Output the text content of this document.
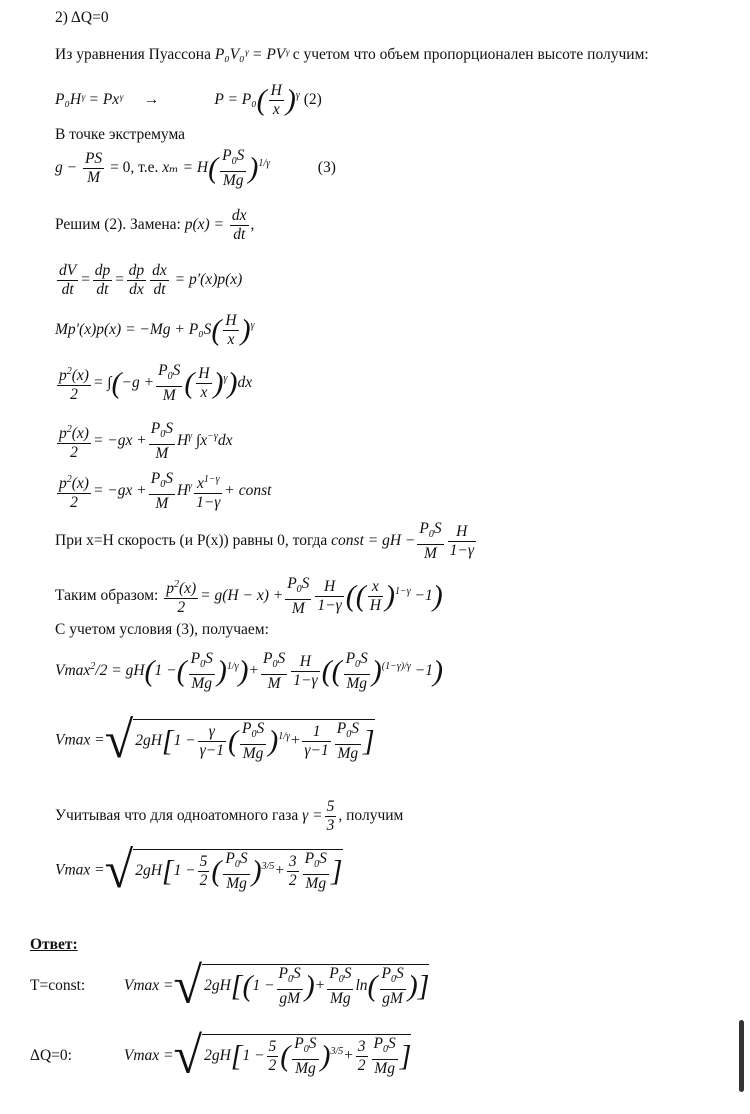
2) ΔQ=0
Из уравнения Пуассона P₀V₀ᵞ = PVᵞ с учетом что объем пропорционален высоте получим:
P₀Hᵞ = Pxᵞ →	$P = P_0( \frac{H}{x} )^\gamma$ (2)
В точке экстремума
$g - \frac{PS}{M} = 0$, т.е. $x_m = H( \frac{P_0S}{Mg} )^{1/\gamma}$	(3)
Решим (2). Замена: $p(x) = \frac{dx}{dt}$ ,
$\frac{dV}{dt} = \frac{dp}{dt} = \frac{dp}{dx} \frac{dx}{dt} = p'(x)p(x)$
$Mp'(x)p(x) = -Mg + P_0S( \frac{H}{x} )^\gamma$
$\frac{p^2(x)}{2} = \int(-g + \frac{P_0S}{M}$ ( $\frac{H}{x} )^\gamma)dx$
$\frac{p^2(x)}{2} = -gx + \frac{P_0S}{M} H^\gamma$ $\int x^{-\gamma}dx$
$\frac{p^2(x)}{2} = -gx + \frac{P_0S}{M} H^\gamma \frac{x^{1-\gamma}}{1-\gamma}$ + const
При x=H скорость (и P(x)) равны 0, тогда const = gH − $\frac{P_0S}{M} \frac{H}{1-\gamma}$
Таким образом: $\frac{p^2(x)}{2} = g(H - x) + \frac{P_0S}{M} \frac{H}{1-\gamma}$ (( $\frac{x}{H} )^{1-\gamma} -1$)
С учетом условия (3), получаем:
Vmax$^2$/2 = gH(1 −( $\frac{P_0S}{Mg} )^{1/\gamma})+ \frac{P_0S}{M} \frac{H}{1-\gamma}$ (( $\frac{P_0S}{Mg} )^{(1-\gamma)/\gamma} -1$)
Vmax =√ $2gH[1 - \frac{\gamma}{\gamma-1}$ ( $\frac{P_0S}{Mg} )^{1/\gamma}+ \frac{1}{\gamma-1} \frac{P_0S}{Mg}$ ]
Учитывая что для одноатомного газа $\gamma = \frac{5}{3}$ , получим
Vmax =√ $2gH[1 - \frac{5}{2}$ ( $\frac{P_0S}{Mg} )^{3/5}+ \frac{3}{2} \frac{P_0S}{Mg}$ ]
Ответ:
T=const: Vmax =√ $2gH[(1 - \frac{P_0S}{gM}$ )+ $\frac{P_0S}{Mg} \ln( \frac{P_0S}{gM}$ )]
ΔQ=0:	Vmax =√ $2gH[1 - \frac{5}{2}$ ( $\frac{P_0S}{Mg} )^{3/5}+ \frac{3}{2} \frac{P_0S}{Mg}$ ]
